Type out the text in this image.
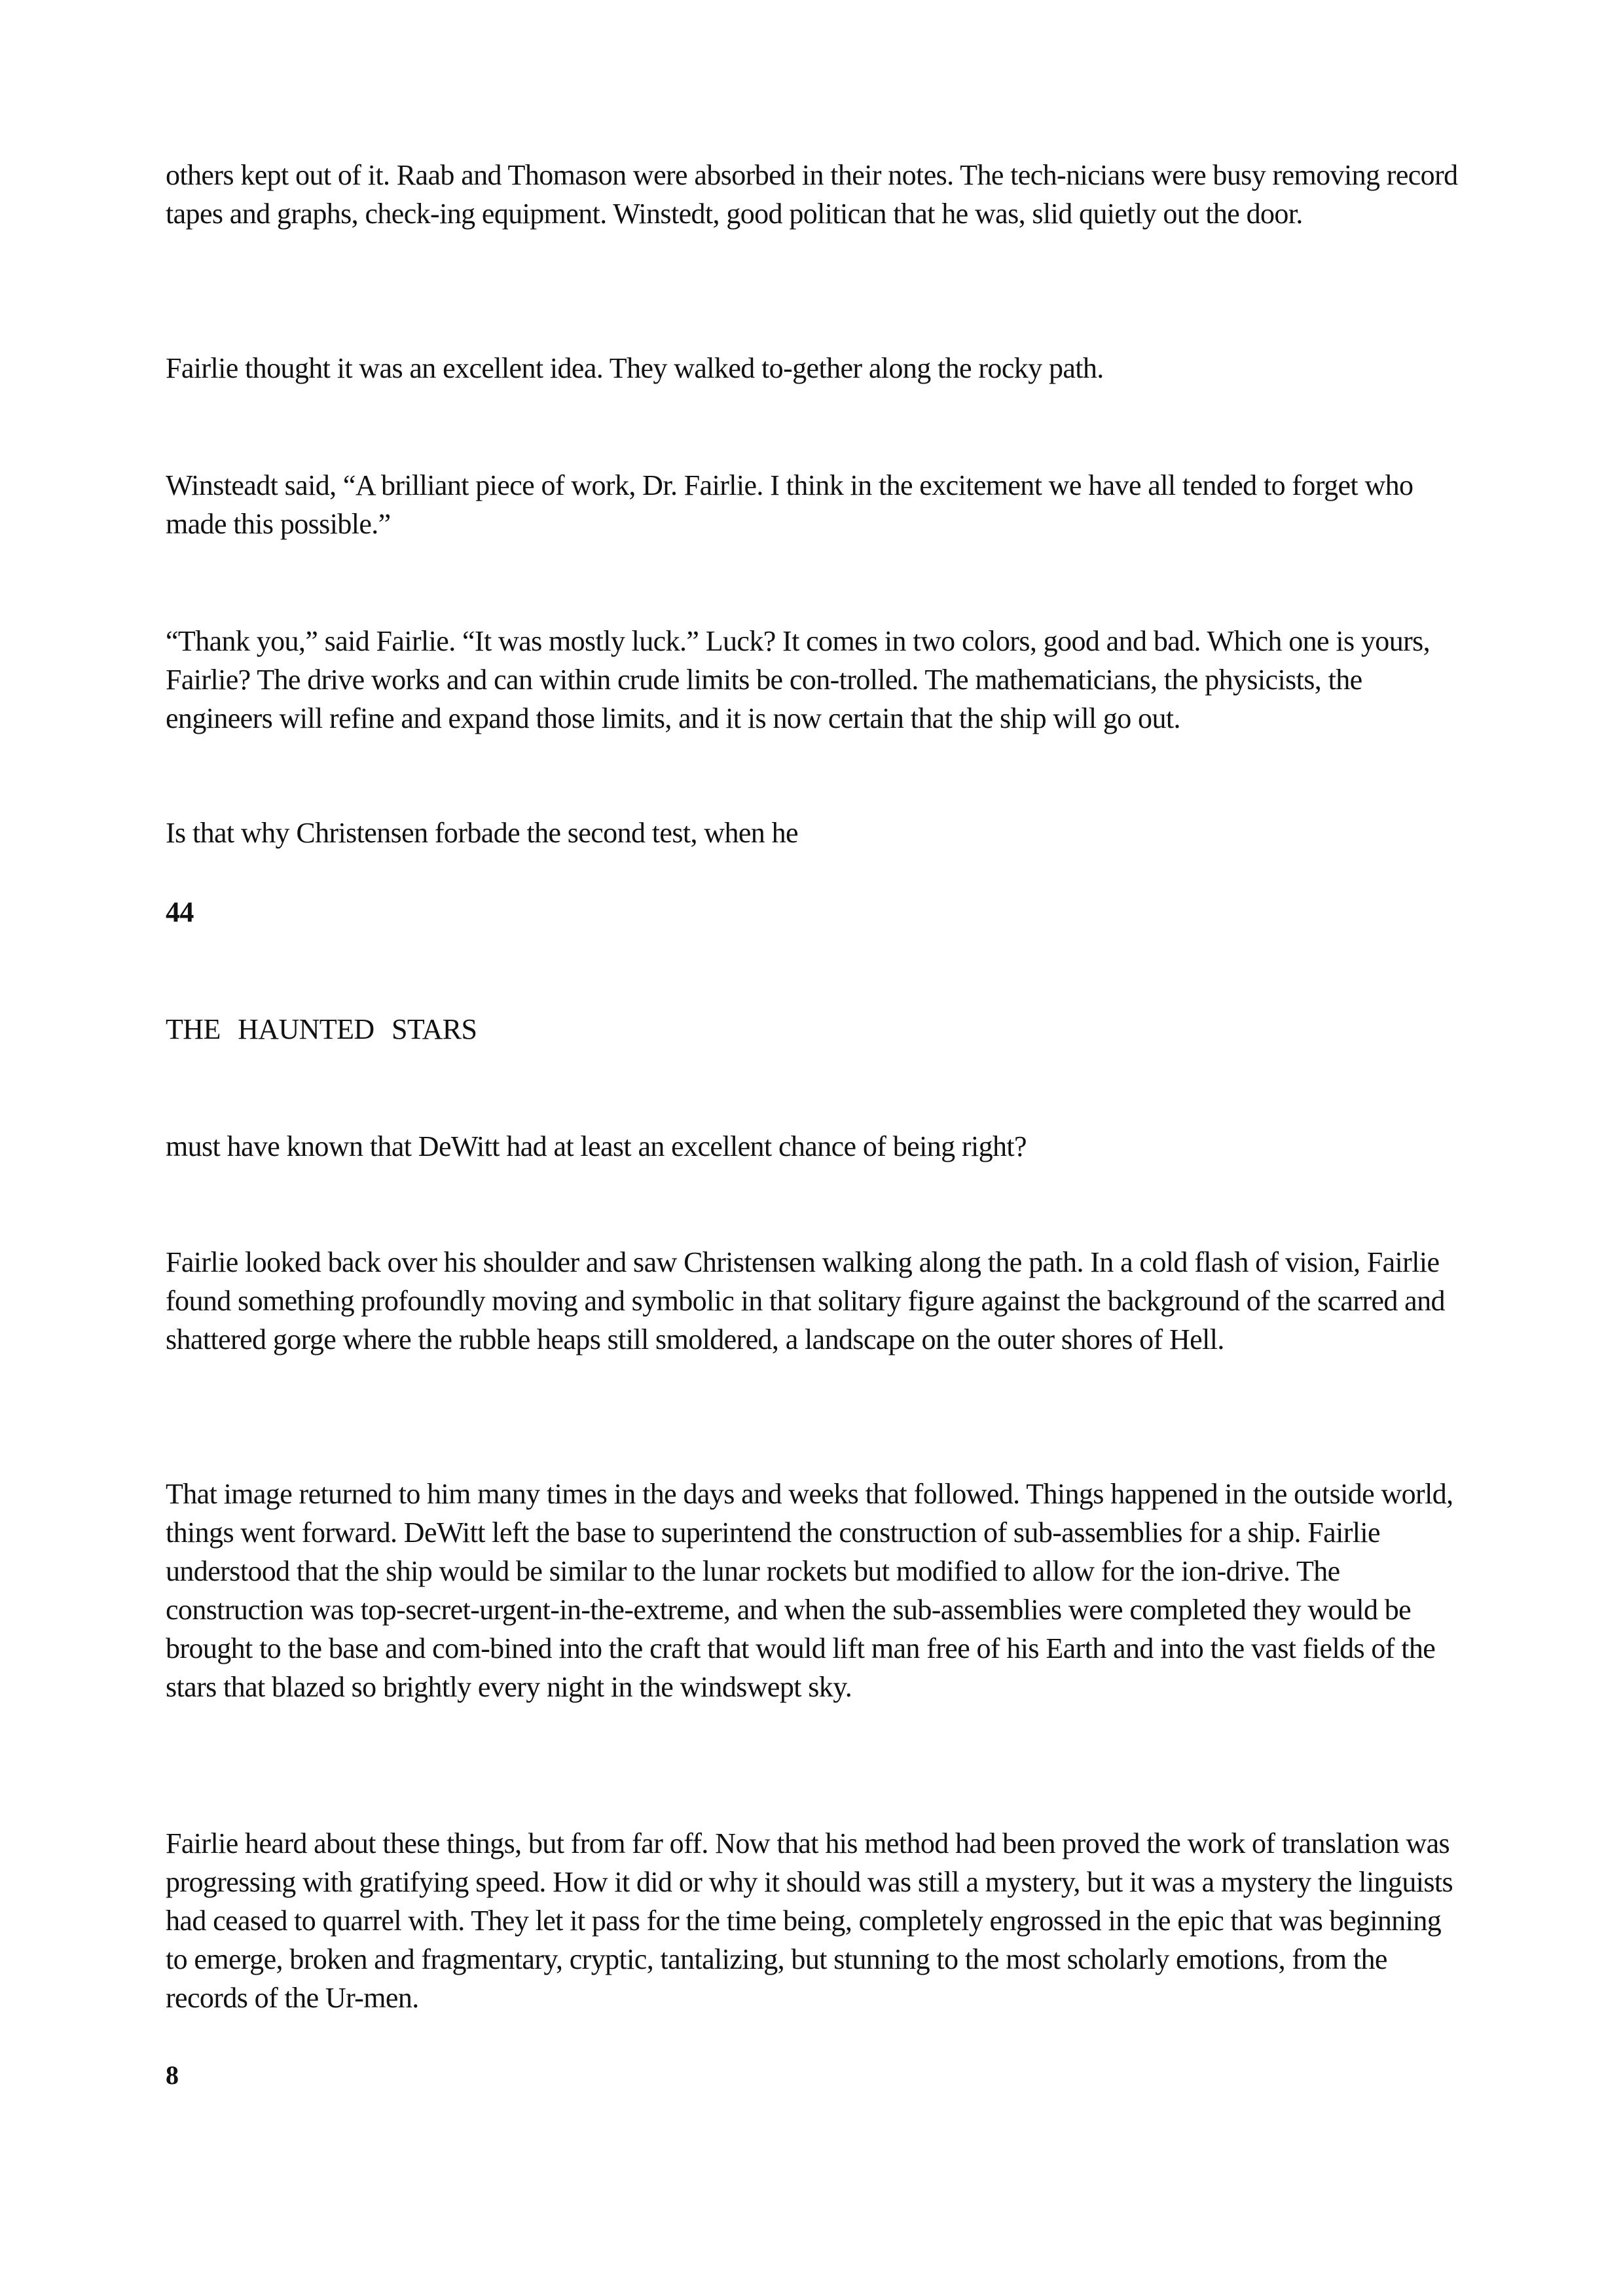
others kept out of it. Raab and Thomason were absorbed in their notes. The tech-nicians were busy removing record tapes and graphs, check-ing equipment. Winstedt, good politican that he was, slid quietly out the door.

Fairlie thought it was an excellent idea. They walked to-gether along the rocky path.

Winsteadt said, “A brilliant piece of work, Dr. Fairlie. I think in the excitement we have all tended to forget who made this possible.”

“Thank you,” said Fairlie. “It was mostly luck.” Luck? It comes in two colors, good and bad. Which one is yours, Fairlie? The drive works and can within crude limits be con-trolled. The mathematicians, the physicists, the engineers will refine and expand those limits, and it is now certain that the ship will go out.

Is that why Christensen forbade the second test, when he

44

THE HAUNTED STARS

must have known that DeWitt had at least an excellent chance of being right?

Fairlie looked back over his shoulder and saw Christensen walking along the path. In a cold flash of vision, Fairlie found something profoundly moving and symbolic in that solitary figure against the background of the scarred and shattered gorge where the rubble heaps still smoldered, a landscape on the outer shores of Hell.

That image returned to him many times in the days and weeks that followed. Things happened in the outside world, things went forward. DeWitt left the base to superintend the construction of sub-assemblies for a ship. Fairlie understood that the ship would be similar to the lunar rockets but modified to allow for the ion-drive. The construction was top-secret-urgent-in-the-extreme, and when the sub-assemblies were completed they would be brought to the base and com-bined into the craft that would lift man free of his Earth and into the vast fields of the stars that blazed so brightly every night in the windswept sky.

Fairlie heard about these things, but from far off. Now that his method had been proved the work of translation was progressing with gratifying speed. How it did or why it should was still a mystery, but it was a mystery the linguists had ceased to quarrel with. They let it pass for the time being, completely engrossed in the epic that was beginning to emerge, broken and fragmentary, cryptic, tantalizing, but stunning to the most scholarly emotions, from the records of the Ur-men.

8
